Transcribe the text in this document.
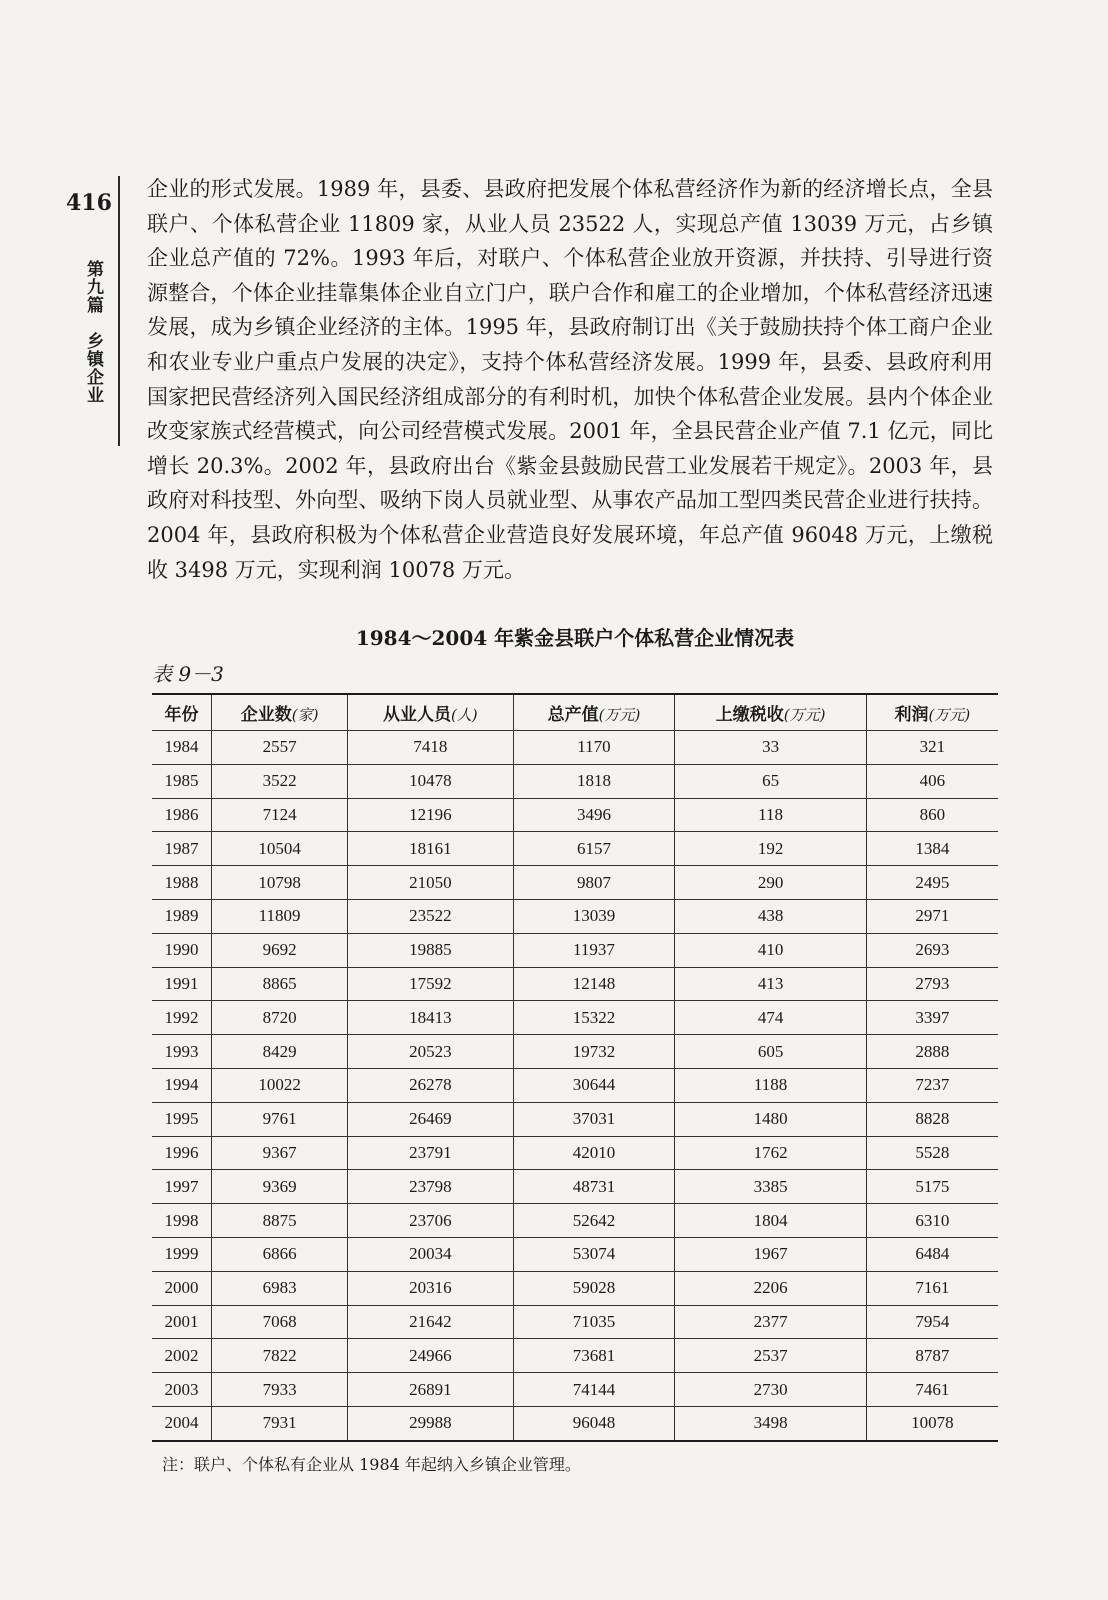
416
第九篇　乡镇企业

企业的形式发展。1989 年，县委、县政府把发展个体私营经济作为新的经济增长点，全县联户、个体私营企业 11809 家，从业人员 23522 人，实现总产值 13039 万元，占乡镇企业总产值的 72%。1993 年后，对联户、个体私营企业放开资源，并扶持、引导进行资源整合，个体企业挂靠集体企业自立门户，联户合作和雇工的企业增加，个体私营经济迅速发展，成为乡镇企业经济的主体。1995 年，县政府制订出《关于鼓励扶持个体工商户企业和农业专业户重点户发展的决定》，支持个体私营经济发展。1999 年，县委、县政府利用国家把民营经济列入国民经济组成部分的有利时机，加快个体私营企业发展。县内个体企业改变家族式经营模式，向公司经营模式发展。2001 年，全县民营企业产值 7.1 亿元，同比增长 20.3%。2002 年，县政府出台《紫金县鼓励民营工业发展若干规定》。2003 年，县政府对科技型、外向型、吸纳下岗人员就业型、从事农产品加工型四类民营企业进行扶持。2004 年，县政府积极为个体私营企业营造良好发展环境，年总产值 96048 万元，上缴税收 3498 万元，实现利润 10078 万元。

1984～2004 年紫金县联户个体私营企业情况表
表 9－3
年份	企业数(家)	从业人员(人)	总产值(万元)	上缴税收(万元)	利润(万元)
1984	2557	7418	1170	33	321
1985	3522	10478	1818	65	406
1986	7124	12196	3496	118	860
1987	10504	18161	6157	192	1384
1988	10798	21050	9807	290	2495
1989	11809	23522	13039	438	2971
1990	9692	19885	11937	410	2693
1991	8865	17592	12148	413	2793
1992	8720	18413	15322	474	3397
1993	8429	20523	19732	605	2888
1994	10022	26278	30644	1188	7237
1995	9761	26469	37031	1480	8828
1996	9367	23791	42010	1762	5528
1997	9369	23798	48731	3385	5175
1998	8875	23706	52642	1804	6310
1999	6866	20034	53074	1967	6484
2000	6983	20316	59028	2206	7161
2001	7068	21642	71035	2377	7954
2002	7822	24966	73681	2537	8787
2003	7933	26891	74144	2730	7461
2004	7931	29988	96048	3498	10078
注：联户、个体私有企业从 1984 年起纳入乡镇企业管理。
